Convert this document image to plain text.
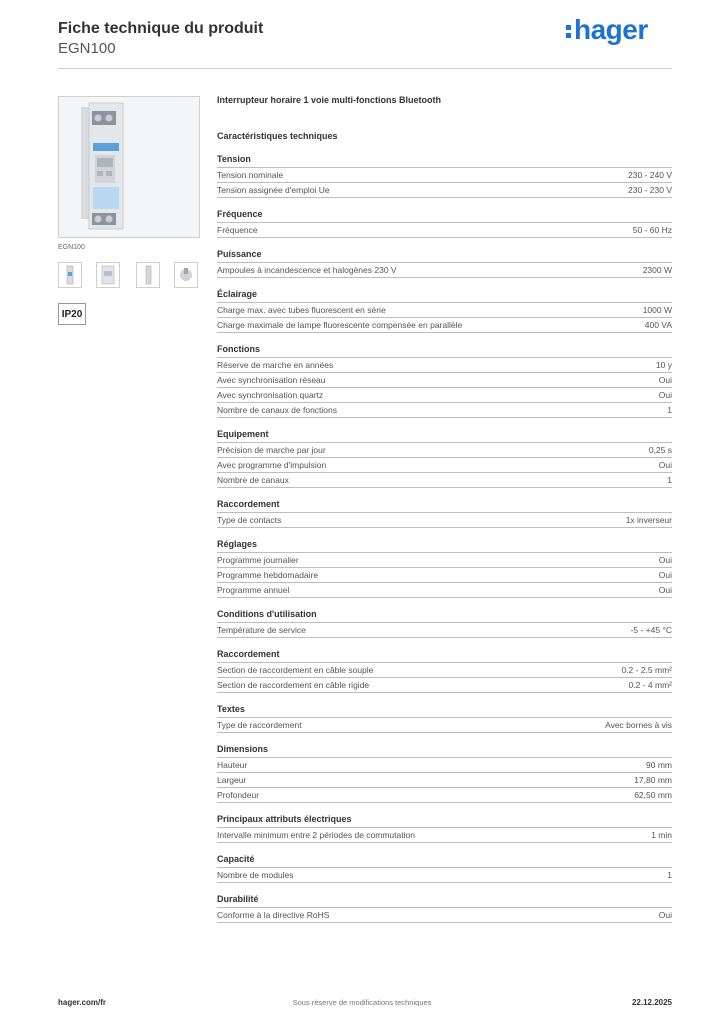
Fiche technique du produit
EGN100
hager
EGN100
IP20
Interrupteur horaire 1 voie multi-fonctions Bluetooth
Caractéristiques techniques
Tension
Tension nominale	230 - 240 V
Tension assignée d'emploi Ue	230 - 230 V
Fréquence
Fréquence	50 - 60 Hz
Puissance
Ampoules à incandescence et halogènes 230 V	2300 W
Éclairage
Charge max. avec tubes fluorescent en série	1000 W
Charge maximale de lampe fluorescente compensée en parallèle	400 VA
Fonctions
Réserve de marche en années	10 y
Avec synchronisation réseau	Oui
Avec synchronisation quartz	Oui
Nombre de canaux de fonctions	1
Equipement
Précision de marche par jour	0,25 s
Avec programme d'impulsion	Oui
Nombre de canaux	1
Raccordement
Type de contacts	1x inverseur
Réglages
Programme journalier	Oui
Programme hebdomadaire	Oui
Programme annuel	Oui
Conditions d'utilisation
Température de service	-5 - +45 °C
Raccordement
Section de raccordement en câble souple	0.2 - 2.5 mm²
Section de raccordement en câble rigide	0.2 - 4 mm²
Textes
Type de raccordement	Avec bornes à vis
Dimensions
Hauteur	90 mm
Largeur	17,80 mm
Profondeur	62,50 mm
Principaux attributs électriques
Intervalle minimum entre 2 périodes de commutation	1 min
Capacité
Nombre de modules	1
Durabilité
Conforme à la directive RoHS	Oui
hager.com/fr	Sous réserve de modifications techniques	22.12.2025
